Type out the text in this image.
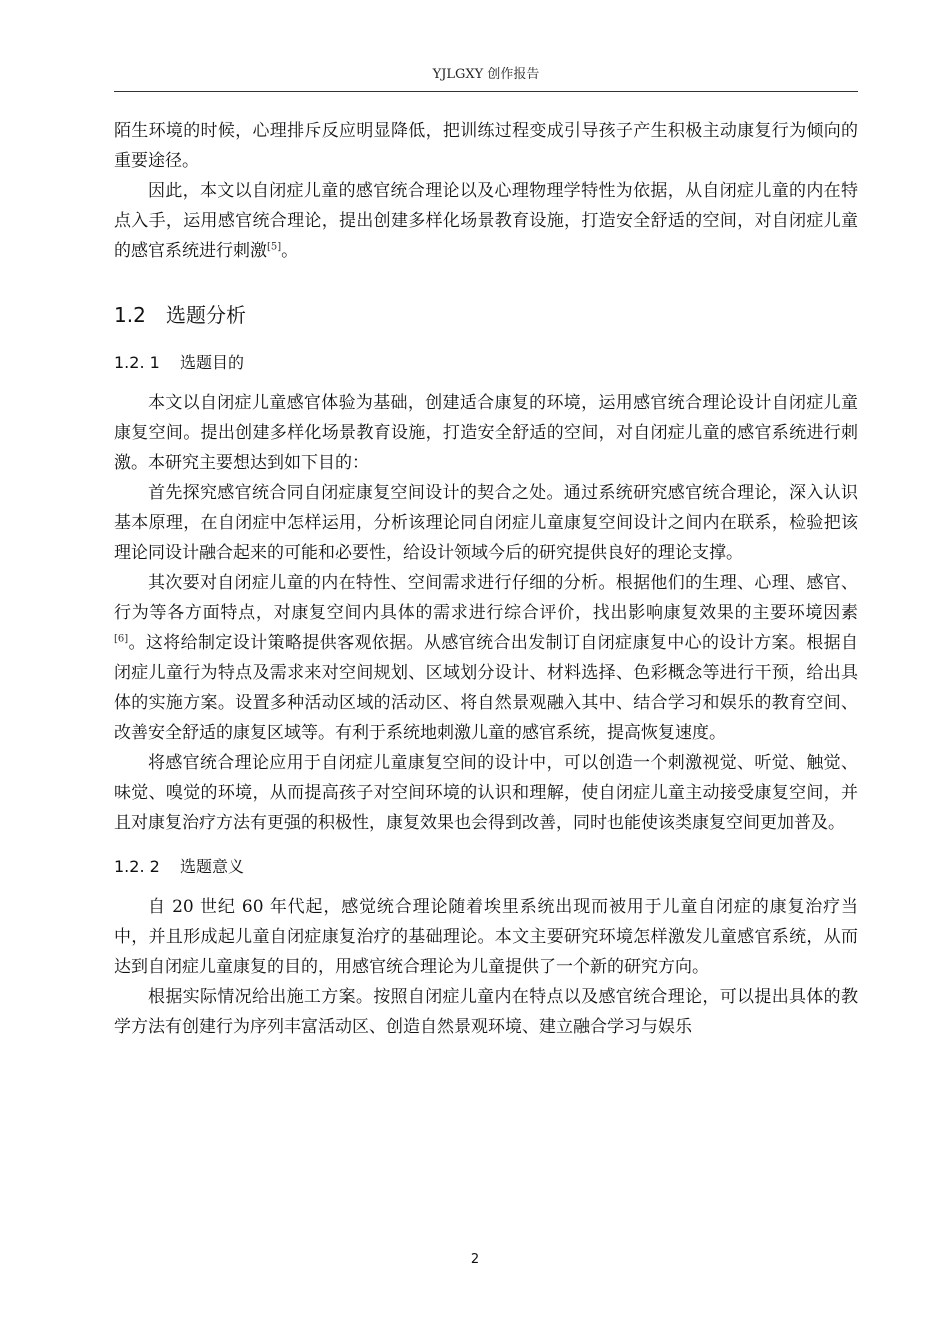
YJLGXY 创作报告

陌生环境的时候，心理排斥反应明显降低，把训练过程变成引导孩子产生积极主动康复行为倾向的重要途径。

因此，本文以自闭症儿童的感官统合理论以及心理物理学特性为依据，从自闭症儿童的内在特点入手，运用感官统合理论，提出创建多样化场景教育设施，打造安全舒适的空间，对自闭症儿童的感官系统进行刺激[5]。

1.2 选题分析
1.2. 1 选题目的

本文以自闭症儿童感官体验为基础，创建适合康复的环境，运用感官统合理论设计自闭症儿童康复空间。提出创建多样化场景教育设施，打造安全舒适的空间，对自闭症儿童的感官系统进行刺激。本研究主要想达到如下目的：

首先探究感官统合同自闭症康复空间设计的契合之处。通过系统研究感官统合理论，深入认识基本原理，在自闭症中怎样运用，分析该理论同自闭症儿童康复空间设计之间内在联系，检验把该理论同设计融合起来的可能和必要性，给设计领域今后的研究提供良好的理论支撑。

其次要对自闭症儿童的内在特性、空间需求进行仔细的分析。根据他们的生理、心理、感官、行为等各方面特点，对康复空间内具体的需求进行综合评价，找出影响康复效果的主要环境因素[6]。这将给制定设计策略提供客观依据。从感官统合出发制订自闭症康复中心的设计方案。根据自闭症儿童行为特点及需求来对空间规划、区域划分设计、材料选择、色彩概念等进行干预，给出具体的实施方案。设置多种活动区域的活动区、将自然景观融入其中、结合学习和娱乐的教育空间、改善安全舒适的康复区域等。有利于系统地刺激儿童的感官系统，提高恢复速度。

将感官统合理论应用于自闭症儿童康复空间的设计中，可以创造一个刺激视觉、听觉、触觉、味觉、嗅觉的环境，从而提高孩子对空间环境的认识和理解，使自闭症儿童主动接受康复空间，并且对康复治疗方法有更强的积极性，康复效果也会得到改善，同时也能使该类康复空间更加普及。

1.2. 2 选题意义

自 20 世纪 60 年代起，感觉统合理论随着埃里系统出现而被用于儿童自闭症的康复治疗当中，并且形成起儿童自闭症康复治疗的基础理论。本文主要研究环境怎样激发儿童感官系统，从而达到自闭症儿童康复的目的，用感官统合理论为儿童提供了一个新的研究方向。

根据实际情况给出施工方案。按照自闭症儿童内在特点以及感官统合理论，可以提出具体的教学方法有创建行为序列丰富活动区、创造自然景观环境、建立融合学习与娱乐

2
